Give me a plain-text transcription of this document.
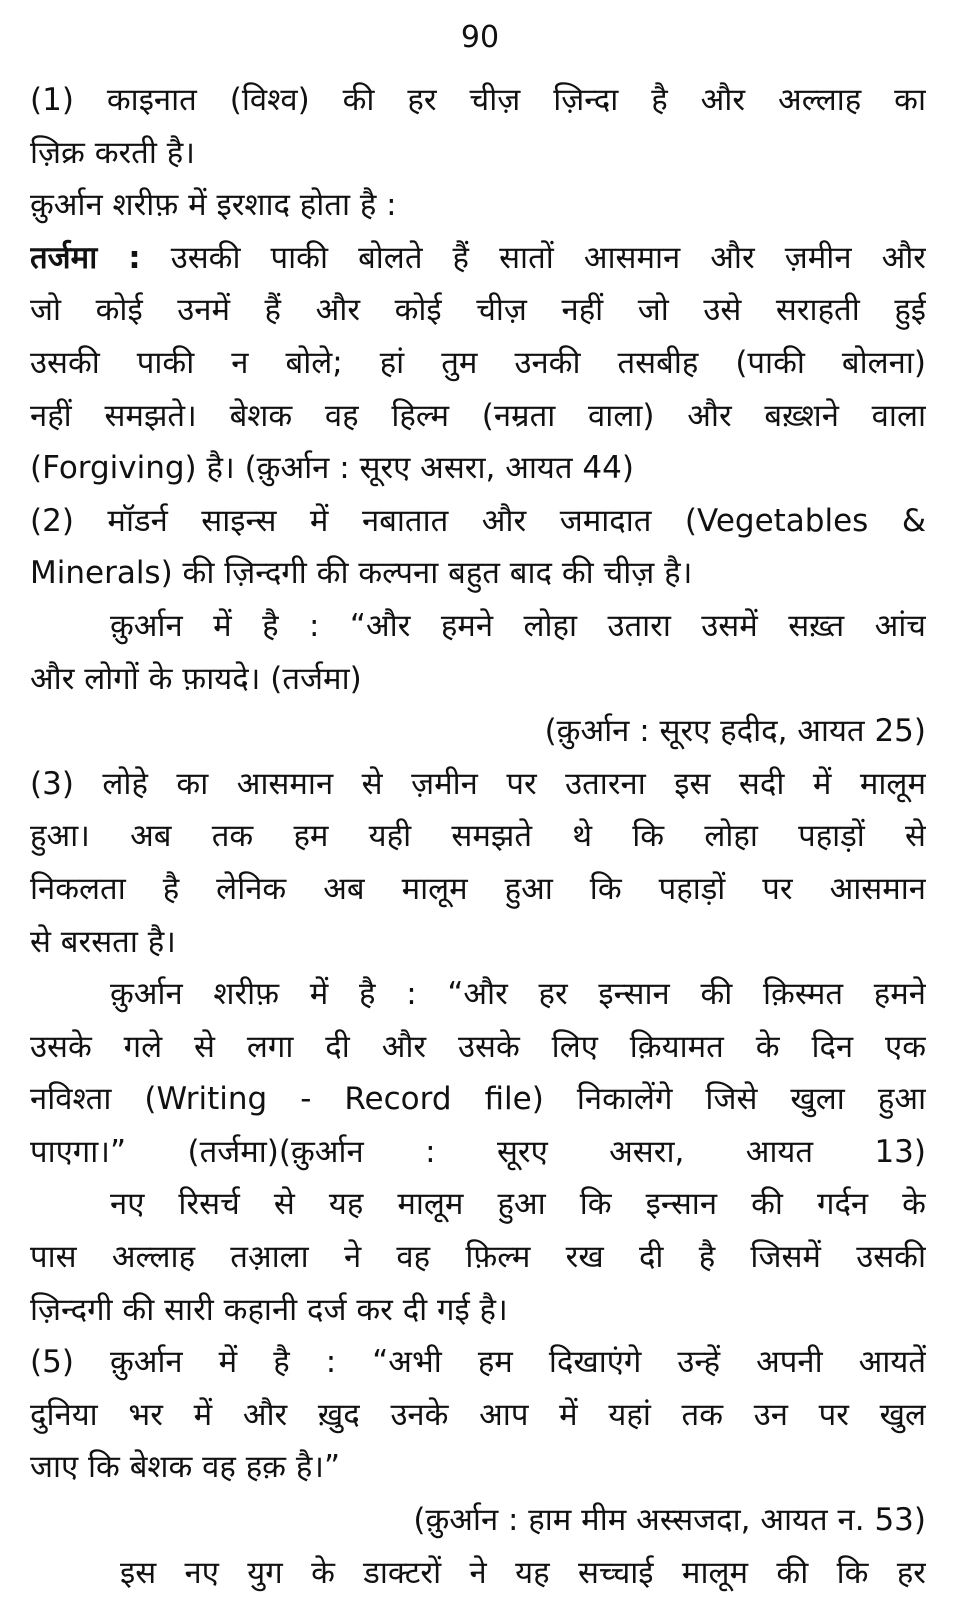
90
(1) काइनात (विश्व) की हर चीज़ ज़िन्दा है और अल्लाह का
ज़िक्र करती है।
क़ुर्आन शरीफ़ में इरशाद होता है :
तर्जमा : उसकी पाकी बोलते हैं सातों आसमान और ज़मीन और
जो कोई उनमें हैं और कोई चीज़ नहीं जो उसे सराहती हुई
उसकी पाकी न बोले; हां तुम उनकी तसबीह (पाकी बोलना)
नहीं समझते। बेशक वह हिल्म (नम्रता वाला) और बख़्शने वाला
(Forgiving) है। (क़ुर्आन : सूरए असरा, आयत 44)
(2) मॉडर्न साइन्स में नबातात और जमादात (Vegetables &
Minerals) की ज़िन्दगी की कल्पना बहुत बाद की चीज़ है।
क़ुर्आन में है : “और हमने लोहा उतारा उसमें सख़्त आंच
और लोगों के फ़ायदे। (तर्जमा)
(क़ुर्आन : सूरए हदीद, आयत 25)
(3) लोहे का आसमान से ज़मीन पर उतारना इस सदी में मालूम
हुआ। अब तक हम यही समझते थे कि लोहा पहाड़ों से
निकलता है लेनिक अब मालूम हुआ कि पहाड़ों पर आसमान
से बरसता है।
क़ुर्आन शरीफ़ में है : “और हर इन्सान की क़िस्मत हमने
उसके गले से लगा दी और उसके लिए क़ियामत के दिन एक
नविश्ता (Writing - Record file) निकालेंगे जिसे खुला हुआ
पाएगा।” (तर्जमा)(क़ुर्आन : सूरए असरा, आयत 13)
नए रिसर्च से यह मालूम हुआ कि इन्सान की गर्दन के
पास अल्लाह तआ़ला ने वह फ़िल्म रख दी है जिसमें उसकी
ज़िन्दगी की सारी कहानी दर्ज कर दी गई है।
(5) क़ुर्आन में है : “अभी हम दिखाएंगे उन्हें अपनी आयतें
दुनिया भर में और ख़ुद उनके आप में यहां तक उन पर खुल
जाए कि बेशक वह हक़ है।”
(क़ुर्आन : हाम मीम अस्सजदा, आयत न. 53)
इस नए युग के डाक्टरों ने यह सच्चाई मालूम की कि हर
